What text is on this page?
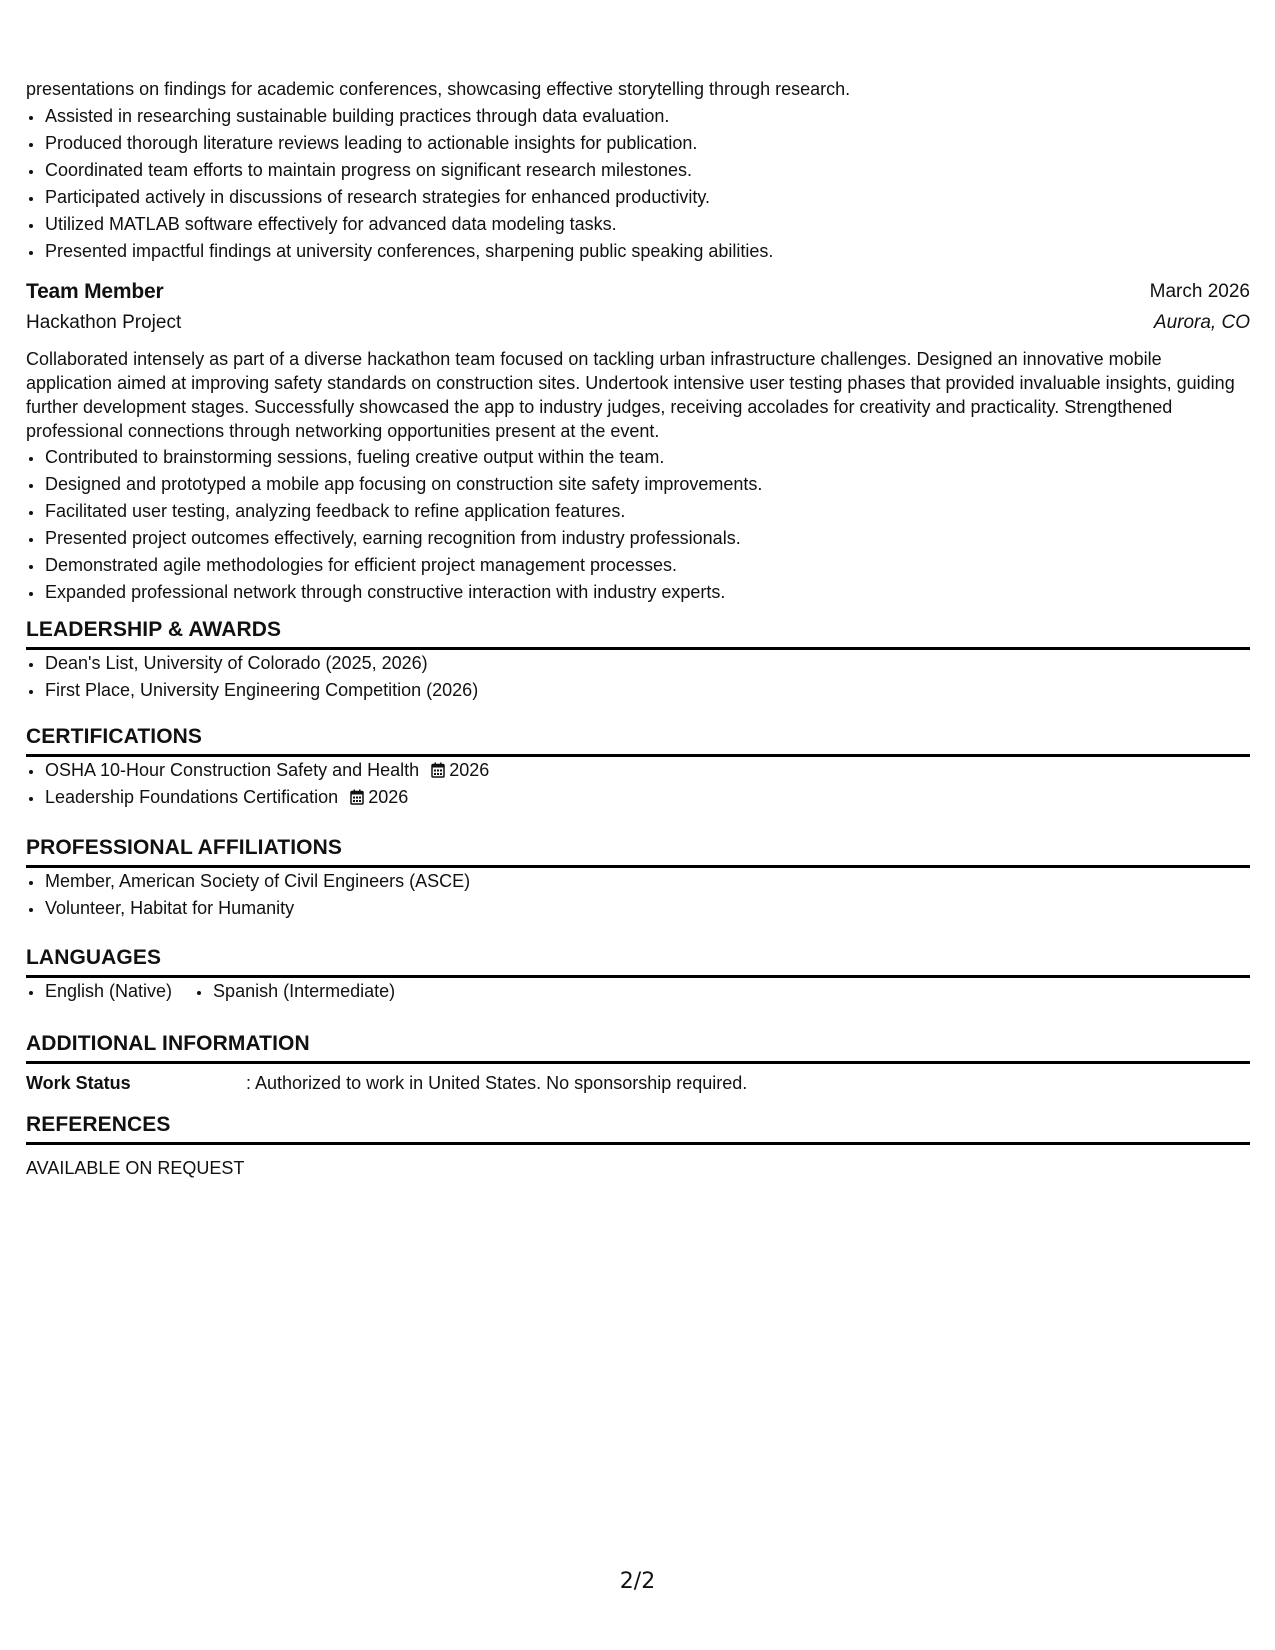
presentations on findings for academic conferences, showcasing effective storytelling through research.

• Assisted in researching sustainable building practices through data evaluation.
• Produced thorough literature reviews leading to actionable insights for publication.
• Coordinated team efforts to maintain progress on significant research milestones.
• Participated actively in discussions of research strategies for enhanced productivity.
• Utilized MATLAB software effectively for advanced data modeling tasks.
• Presented impactful findings at university conferences, sharpening public speaking abilities.
Team Member	March 2026
Hackathon Project	Aurora, CO

Collaborated intensely as part of a diverse hackathon team focused on tackling urban infrastructure challenges. Designed an innovative mobile application aimed at improving safety standards on construction sites. Undertook intensive user testing phases that provided invaluable insights, guiding further development stages. Successfully showcased the app to industry judges, receiving accolades for creativity and practicality. Strengthened professional connections through networking opportunities present at the event.

• Contributed to brainstorming sessions, fueling creative output within the team.
• Designed and prototyped a mobile app focusing on construction site safety improvements.
• Facilitated user testing, analyzing feedback to refine application features.
• Presented project outcomes effectively, earning recognition from industry professionals.
• Demonstrated agile methodologies for efficient project management processes.
• Expanded professional network through constructive interaction with industry experts.
LEADERSHIP & AWARDS
• Dean's List, University of Colorado (2025, 2026)
• First Place, University Engineering Competition (2026)
CERTIFICATIONS
• OSHA 10-Hour Construction Safety and Health 2026
• Leadership Foundations Certification 2026
PROFESSIONAL AFFILIATIONS
• Member, American Society of Civil Engineers (ASCE)
• Volunteer, Habitat for Humanity
LANGUAGES
• English (Native)
• Spanish (Intermediate)
ADDITIONAL INFORMATION
Work Status	: Authorized to work in United States. No sponsorship required.
REFERENCES
AVAILABLE ON REQUEST
2/2
